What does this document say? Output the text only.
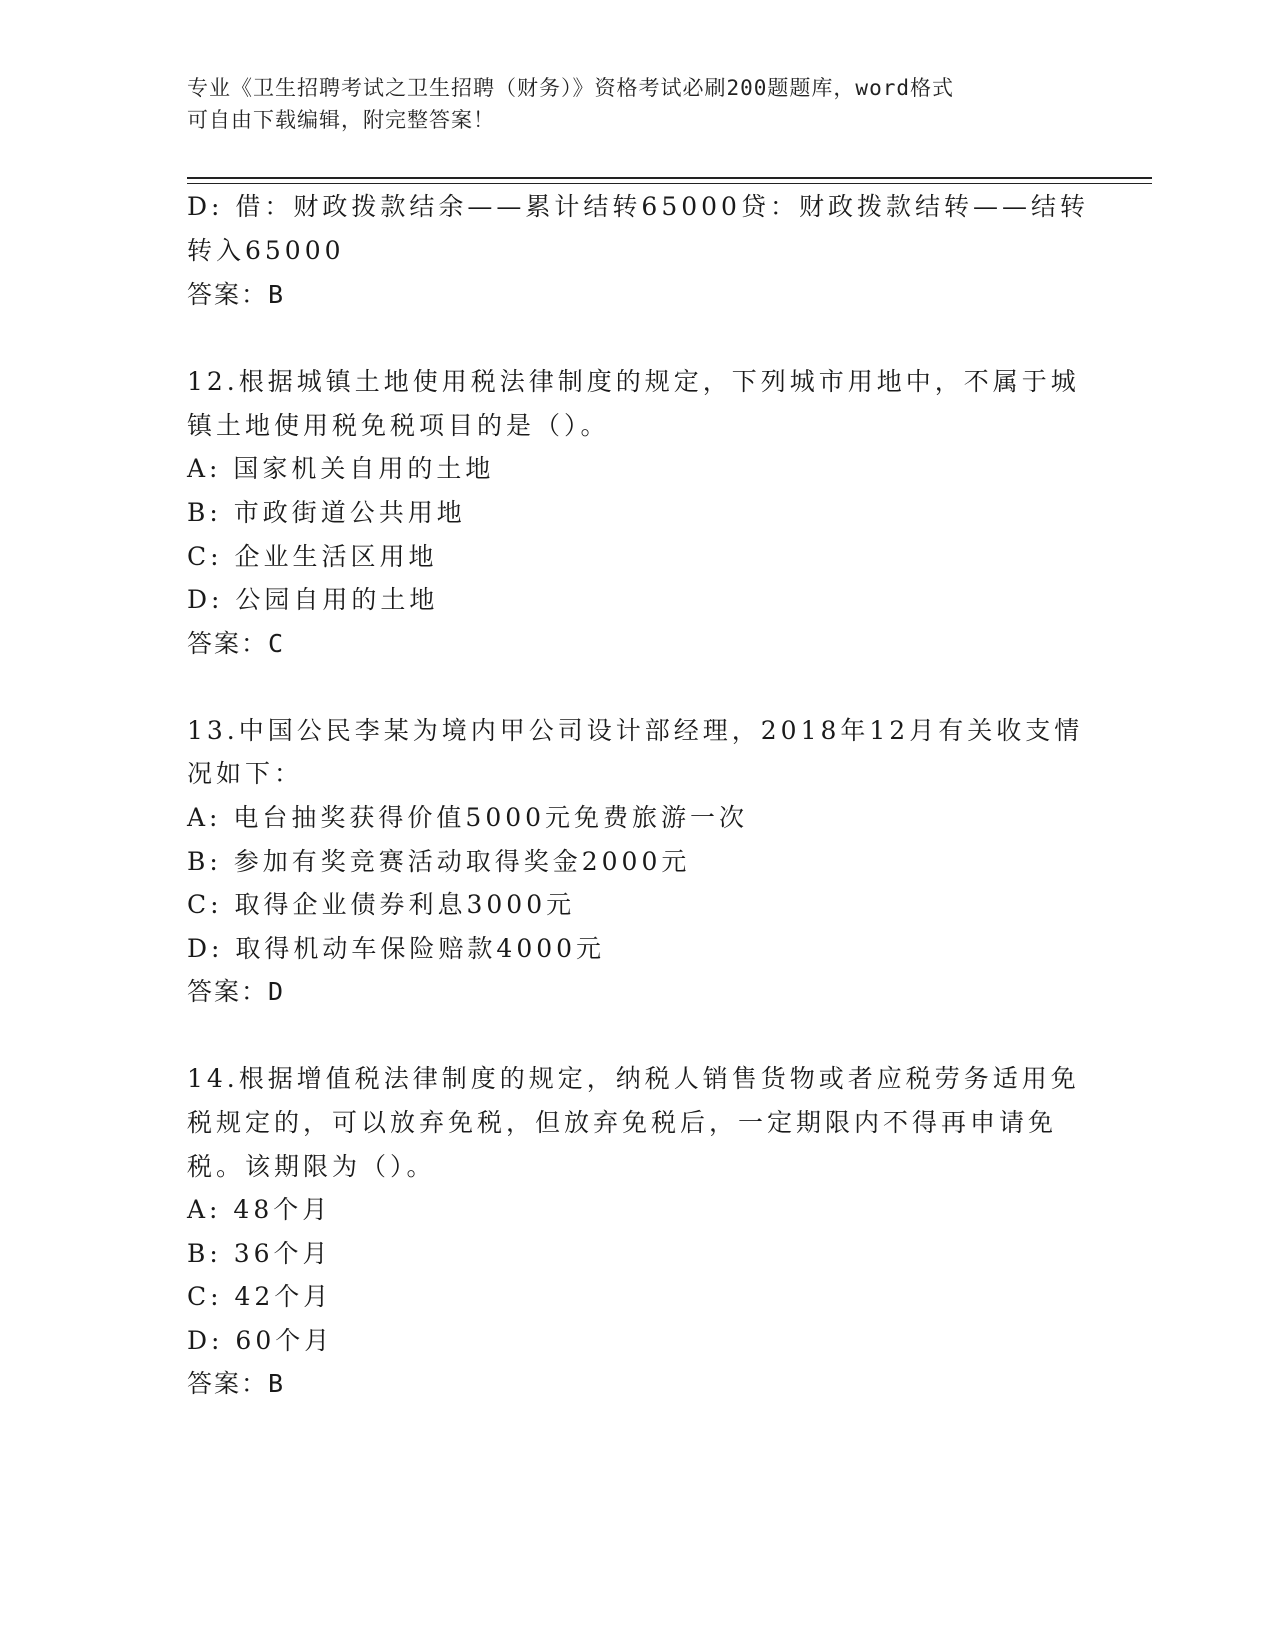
专业《卫生招聘考试之卫生招聘（财务）》资格考试必刷200题题库，word格式
可自由下载编辑，附完整答案！
D: 借：财政拨款结余——累计结转65000贷：财政拨款结转——结转
转入65000
答案：B
12.根据城镇土地使用税法律制度的规定，下列城市用地中，不属于城
镇土地使用税免税项目的是（）。
A: 国家机关自用的土地
B: 市政街道公共用地
C: 企业生活区用地
D: 公园自用的土地
答案：C
13.中国公民李某为境内甲公司设计部经理，2018年12月有关收支情
况如下：
A: 电台抽奖获得价值5000元免费旅游一次
B: 参加有奖竞赛活动取得奖金2000元
C: 取得企业债券利息3000元
D: 取得机动车保险赔款4000元
答案：D
14.根据增值税法律制度的规定，纳税人销售货物或者应税劳务适用免
税规定的，可以放弃免税，但放弃免税后，一定期限内不得再申请免
税。该期限为（）。
A: 48个月
B: 36个月
C: 42个月
D: 60个月
答案：B
